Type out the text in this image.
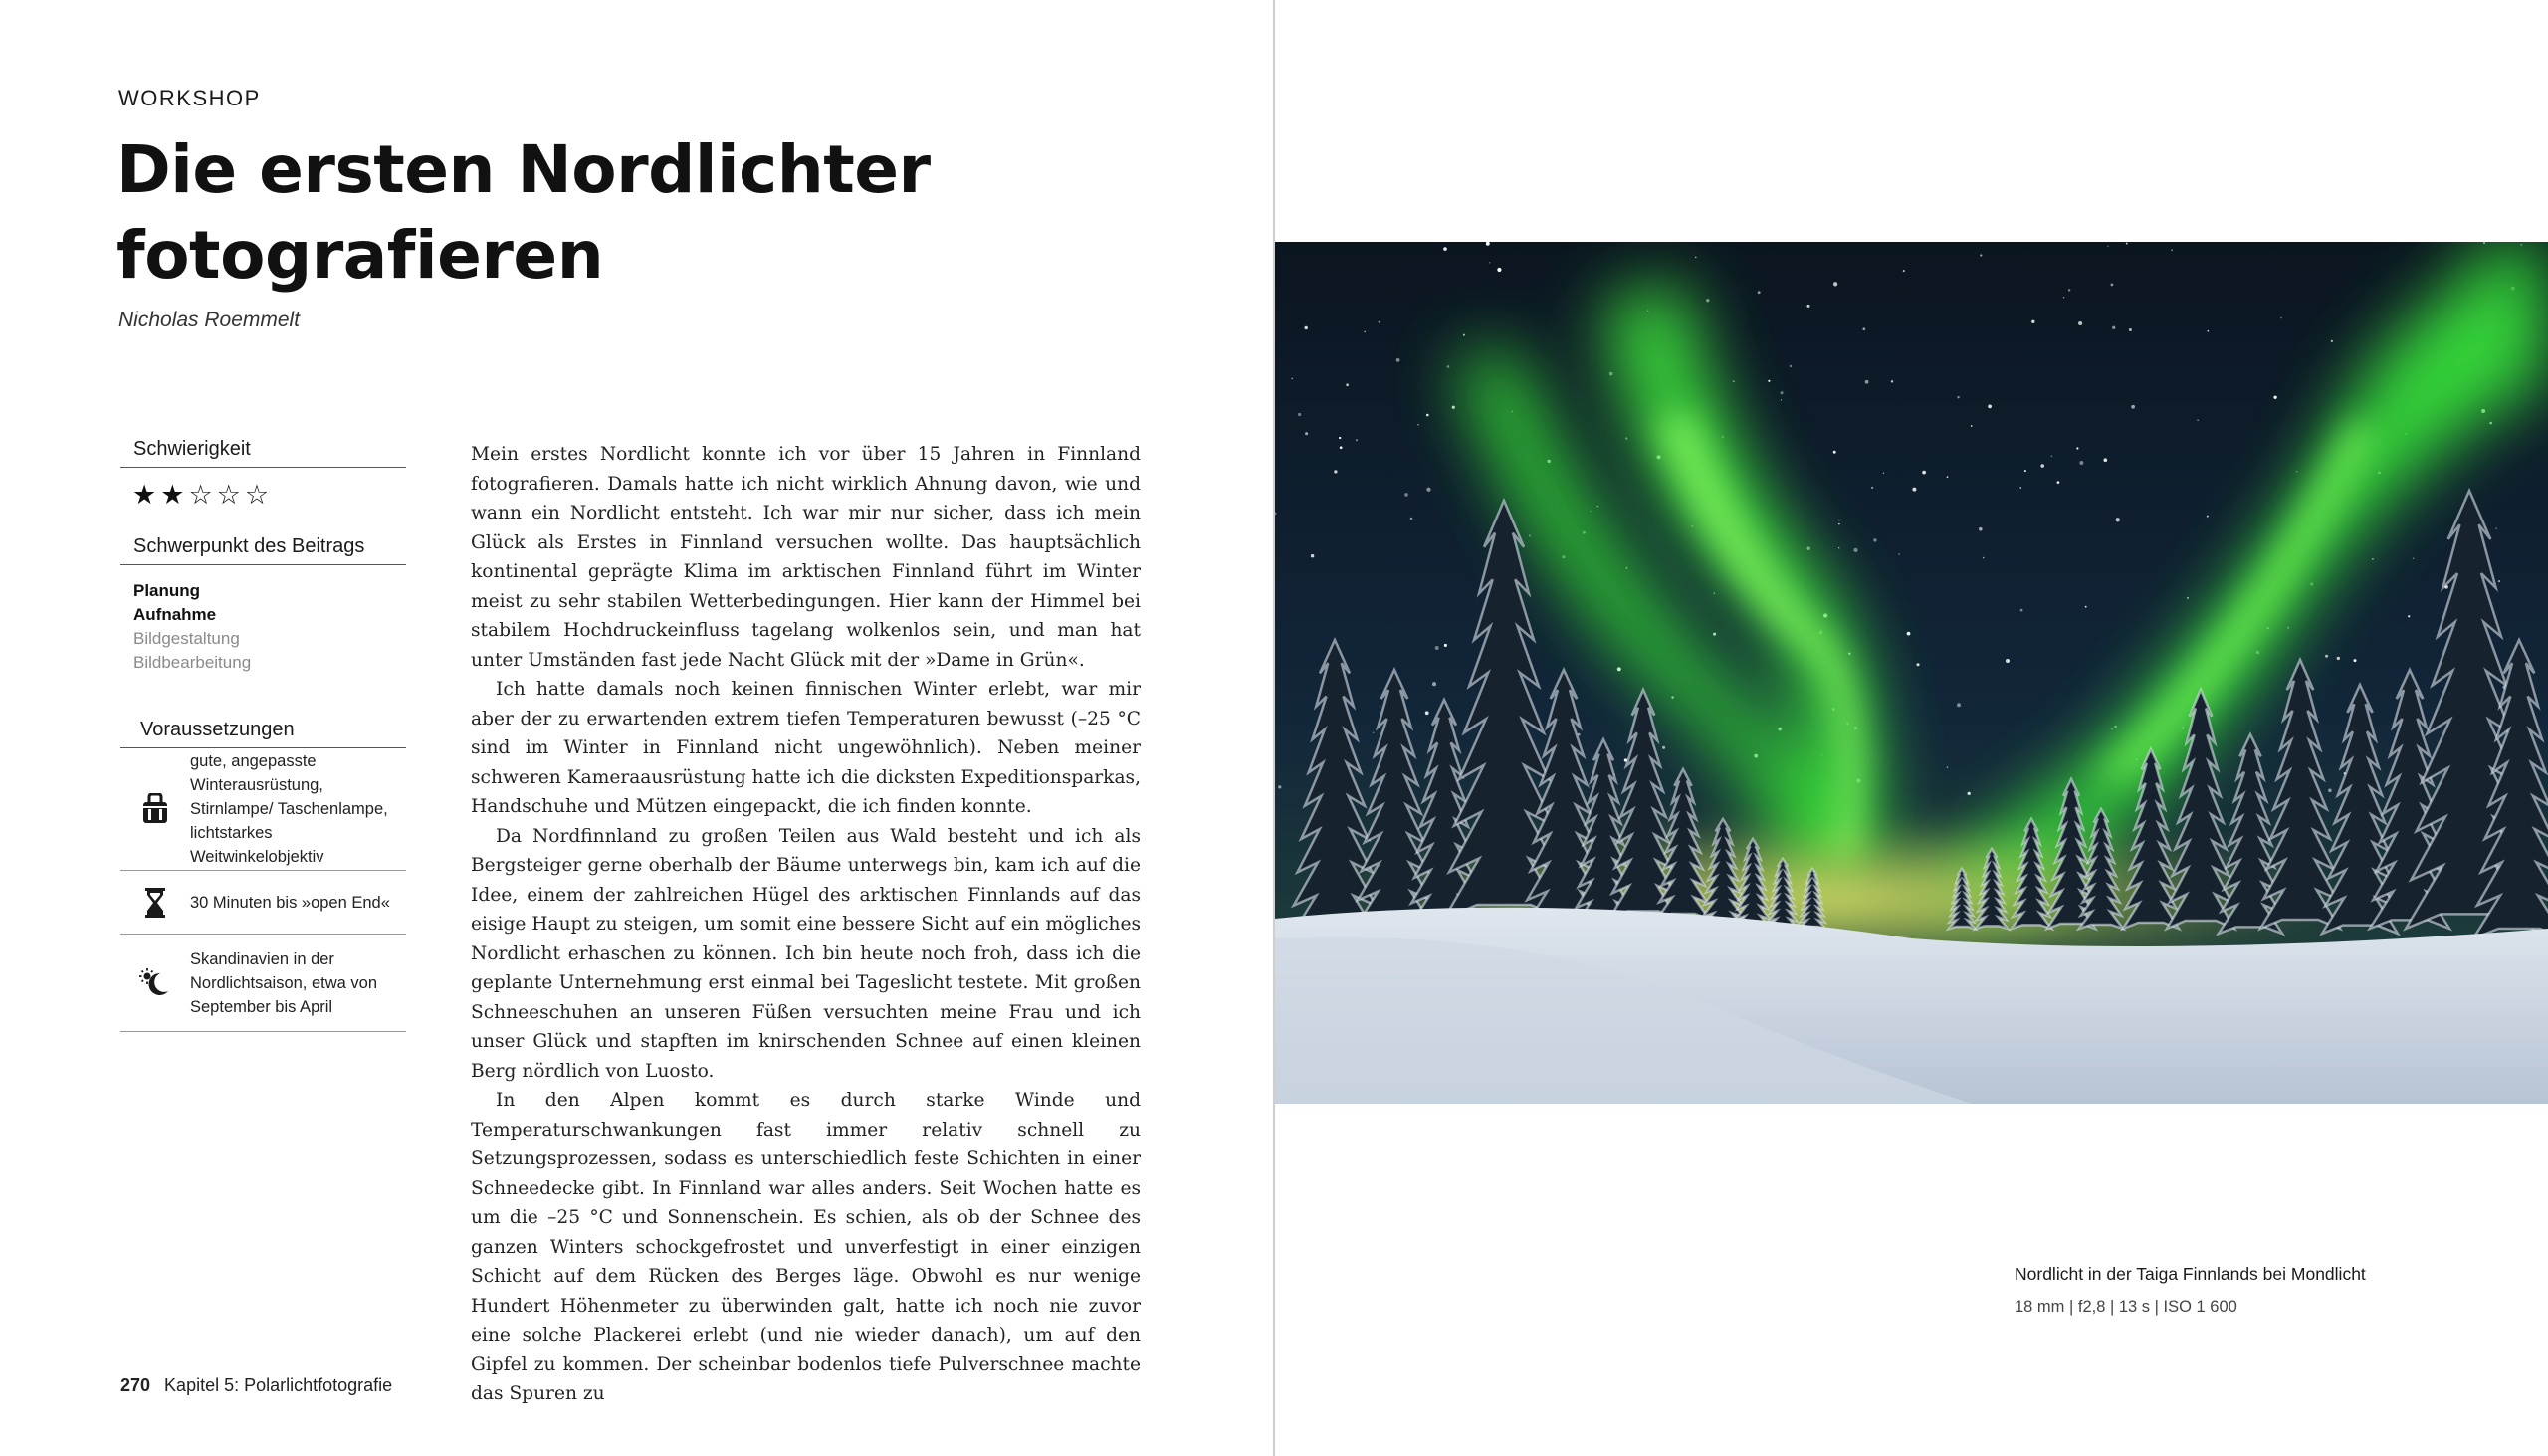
WORKSHOP
Die ersten Nordlichter
fotografieren
Nicholas Roemmelt
Schwierigkeit
★ ★ ☆ ☆ ☆
Schwerpunkt des Beitrags
Planung
Aufnahme
Bildgestaltung
Bildbearbeitung
Voraussetzungen
gute, angepasste Winterausrüstung, Stirnlampe/ Taschenlampe, lichtstarkes Weitwinkelobjektiv
30 Minuten bis »open End«
Skandinavien in der Nordlichtsaison, etwa von September bis April

Mein erstes Nordlicht konnte ich vor über 15 Jahren in Finnland fotografieren. Damals hatte ich nicht wirklich Ahnung davon, wie und wann ein Nordlicht entsteht. Ich war mir nur sicher, dass ich mein Glück als Erstes in Finnland versuchen wollte. Das hauptsächlich kontinental geprägte Klima im arktischen Finnland führt im Winter meist zu sehr stabilen Wetterbedingungen. Hier kann der Himmel bei stabilem Hochdruckeinfluss tagelang wolkenlos sein, und man hat unter Umständen fast jede Nacht Glück mit der »Dame in Grün«.

Ich hatte damals noch keinen finnischen Winter erlebt, war mir aber der zu erwartenden extrem tiefen Temperaturen bewusst (–25 °C sind im Winter in Finnland nicht ungewöhnlich). Neben meiner schweren Kameraausrüstung hatte ich die dicksten Expeditionsparkas, Handschuhe und Mützen eingepackt, die ich finden konnte.

Da Nordfinnland zu großen Teilen aus Wald besteht und ich als Bergsteiger gerne oberhalb der Bäume unterwegs bin, kam ich auf die Idee, einem der zahlreichen Hügel des arktischen Finnlands auf das eisige Haupt zu steigen, um somit eine bessere Sicht auf ein mögliches Nordlicht erhaschen zu können. Ich bin heute noch froh, dass ich die geplante Unternehmung erst einmal bei Tageslicht testete. Mit großen Schneeschuhen an unseren Füßen versuchten meine Frau und ich unser Glück und stapften im knirschenden Schnee auf einen kleinen Berg nördlich von Luosto.

In den Alpen kommt es durch starke Winde und Temperaturschwankungen fast immer relativ schnell zu Setzungsprozessen, sodass es unterschiedlich feste Schichten in einer Schneedecke gibt. In Finnland war alles anders. Seit Wochen hatte es um die –25 °C und Sonnenschein. Es schien, als ob der Schnee des ganzen Winters schockgefrostet und unverfestigt in einer einzigen Schicht auf dem Rücken des Berges läge. Obwohl es nur wenige Hundert Höhenmeter zu überwinden galt, hatte ich noch nie zuvor eine solche Plackerei erlebt (und nie wieder danach), um auf den Gipfel zu kommen. Der scheinbar bodenlos tiefe Pulverschnee machte das Spuren zu

270 Kapitel 5: Polarlichtfotografie
Nordlicht in der Taiga Finnlands bei Mondlicht
18 mm | f2,8 | 13 s | ISO 1 600
